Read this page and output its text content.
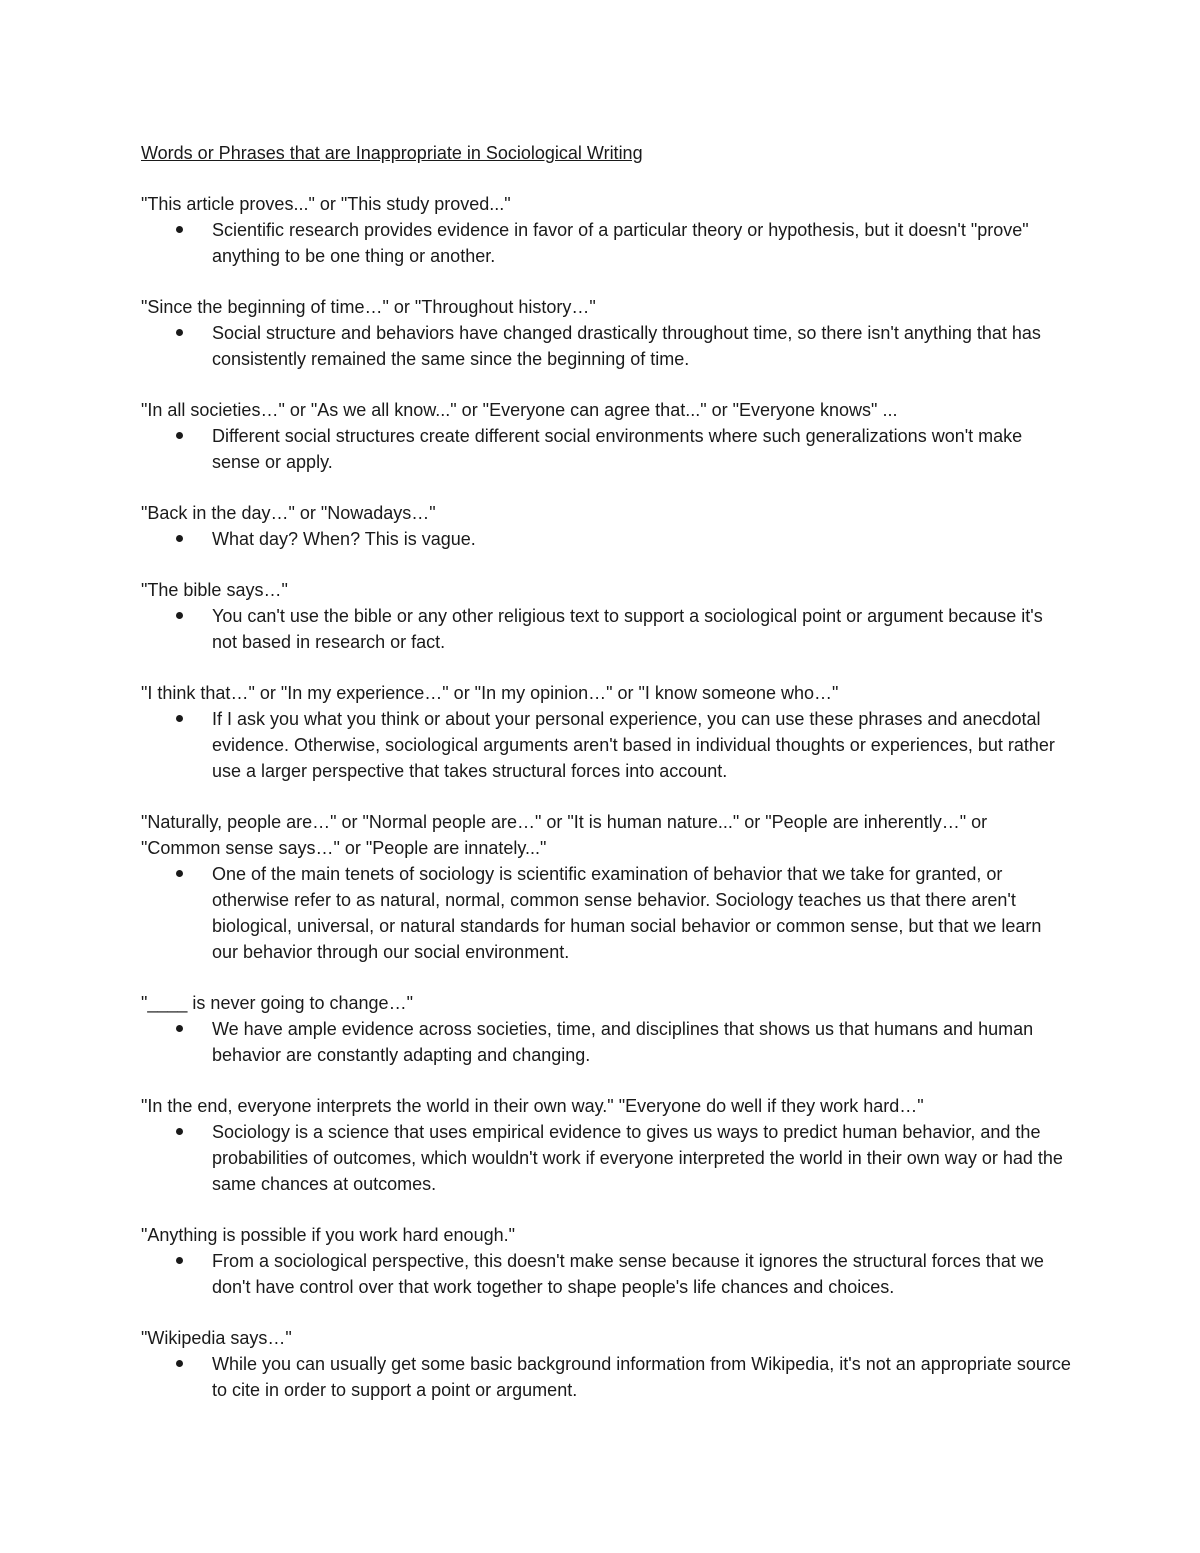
Words or Phrases that are Inappropriate in Sociological Writing

"This article proves..." or "This study proved..."

Scientific research provides evidence in favor of a particular theory or hypothesis, but it doesn't "prove" anything to be one thing or another.

"Since the beginning of time…" or "Throughout history…"

Social structure and behaviors have changed drastically throughout time, so there isn't anything that has consistently remained the same since the beginning of time.

"In all societies…" or "As we all know..." or "Everyone can agree that..." or "Everyone knows" ...

Different social structures create different social environments where such generalizations won't make sense or apply.

"Back in the day…" or "Nowadays…"

What day? When? This is vague.

"The bible says…"

You can't use the bible or any other religious text to support a sociological point or argument because it's not based in research or fact.

"I think that…" or "In my experience…" or "In my opinion…" or "I know someone who…"

If I ask you what you think or about your personal experience, you can use these phrases and anecdotal evidence. Otherwise, sociological arguments aren't based in individual thoughts or experiences, but rather use a larger perspective that takes structural forces into account.

"Naturally, people are…" or "Normal people are…" or "It is human nature..." or "People are inherently…" or "Common sense says…" or "People are innately..."

One of the main tenets of sociology is scientific examination of behavior that we take for granted, or otherwise refer to as natural, normal, common sense behavior. Sociology teaches us that there aren't biological, universal, or natural standards for human social behavior or common sense, but that we learn our behavior through our social environment.

"____ is never going to change…"

We have ample evidence across societies, time, and disciplines that shows us that humans and human behavior are constantly adapting and changing.

"In the end, everyone interprets the world in their own way." "Everyone do well if they work hard…"

Sociology is a science that uses empirical evidence to gives us ways to predict human behavior, and the probabilities of outcomes, which wouldn't work if everyone interpreted the world in their own way or had the same chances at outcomes.

"Anything is possible if you work hard enough."

From a sociological perspective, this doesn't make sense because it ignores the structural forces that we don't have control over that work together to shape people's life chances and choices.

"Wikipedia says…"

While you can usually get some basic background information from Wikipedia, it's not an appropriate source to cite in order to support a point or argument.
